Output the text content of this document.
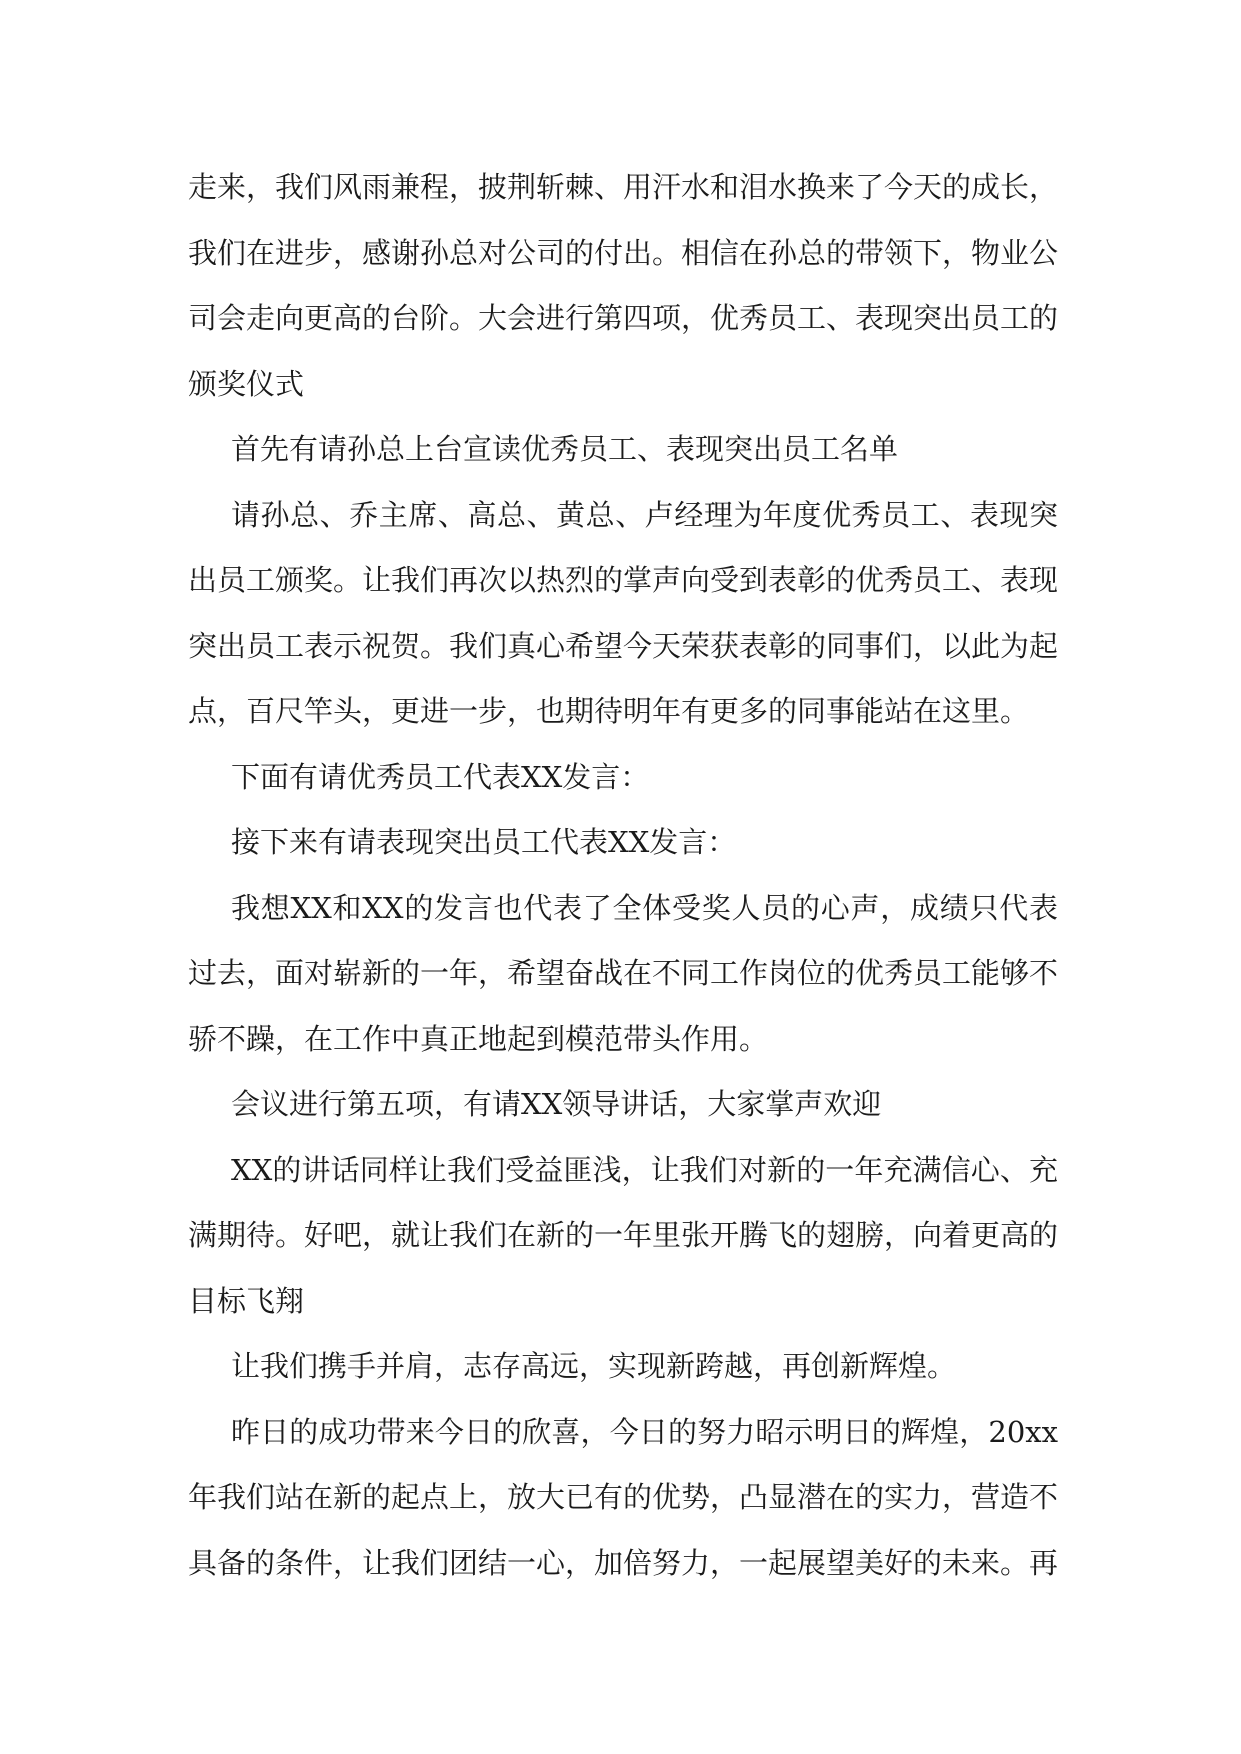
走来，我们风雨兼程，披荆斩棘、用汗水和泪水换来了今天的成长，我们在进步，感谢孙总对公司的付出。相信在孙总的带领下，物业公司会走向更高的台阶。大会进行第四项，优秀员工、表现突出员工的颁奖仪式

首先有请孙总上台宣读优秀员工、表现突出员工名单

请孙总、乔主席、高总、黄总、卢经理为年度优秀员工、表现突出员工颁奖。让我们再次以热烈的掌声向受到表彰的优秀员工、表现突出员工表示祝贺。我们真心希望今天荣获表彰的同事们，以此为起点，百尺竿头，更进一步，也期待明年有更多的同事能站在这里。

下面有请优秀员工代表XX发言：

接下来有请表现突出员工代表XX发言：

我想XX和XX的发言也代表了全体受奖人员的心声，成绩只代表过去，面对崭新的一年，希望奋战在不同工作岗位的优秀员工能够不骄不躁，在工作中真正地起到模范带头作用。

会议进行第五项，有请XX领导讲话，大家掌声欢迎

XX的讲话同样让我们受益匪浅，让我们对新的一年充满信心、充满期待。好吧，就让我们在新的一年里张开腾飞的翅膀，向着更高的目标飞翔

让我们携手并肩，志存高远，实现新跨越，再创新辉煌。

昨日的成功带来今日的欣喜，今日的努力昭示明日的辉煌，20xx年我们站在新的起点上，放大已有的优势，凸显潜在的实力，营造不具备的条件，让我们团结一心，加倍努力，一起展望美好的未来。再
